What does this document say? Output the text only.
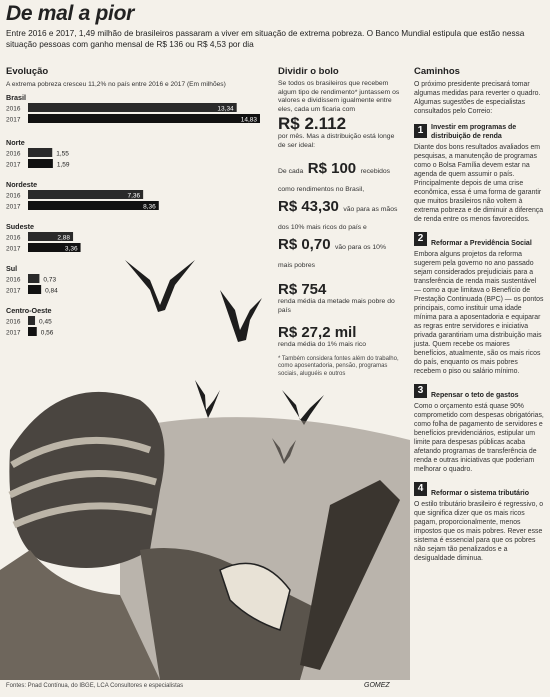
De mal a pior
Entre 2016 e 2017, 1,49 milhão de brasileiros passaram a viver em situação de extrema pobreza. O Banco Mundial estipula que estão nessa situação pessoas com ganho mensal de R$ 136 ou R$ 4,53 por dia
Evolução
A extrema pobreza cresceu 11,2% no país entre 2016 e 2017 (Em milhões)
Brasil
2016	13,34
2017	14,83
Norte
2016	1,55
2017	1,59
Nordeste
2016	7,36
2017	8,36
Sudeste
2016	2,88
2017	3,36
Sul
2016	0,73
2017	0,84
Centro-Oeste
2016	0,45
2017	0,56
Dividir o bolo
Se todos os brasileiros que recebem algum tipo de rendimento* juntassem os valores e dividissem igualmente entre eles, cada um ficaria com
R$ 2.112
por mês. Mas a distribuição está longe de ser ideal:
De cada R$ 100 recebidos como rendimentos no Brasil,
R$ 43,30 vão para as mãos dos 10% mais ricos do país e
R$ 0,70 vão para os 10% mais pobres
R$ 754
renda média da metade mais pobre do país
R$ 27,2 mil
renda média do 1% mais rico
* Também considera fontes além do trabalho, como aposentadoria, pensão, programas sociais, aluguéis e outros
Caminhos
O próximo presidente precisará tomar algumas medidas para reverter o quadro. Algumas sugestões de especialistas consultados pelo Correio:
1 Investir em programas de distribuição de renda
Diante dos bons resultados avaliados em pesquisas, a manutenção de programas como o Bolsa Família devem estar na agenda de quem assumir o país. Principalmente depois de uma crise econômica, essa é uma forma de garantir que muitos brasileiros não voltem à extrema pobreza e de diminuir a diferença de renda entre os menos favorecidos.
2 Reformar a Previdência Social
Embora alguns projetos da reforma sugerem pela governo no ano passado sejam considerados prejudiciais para a transferência de renda mais sustentável — como a que limitava o Benefício de Prestação Continuada (BPC) — os pontos principais, como instituir uma idade mínima para a aposentadoria e equiparar as regras entre servidores e iniciativa privada garantiriam uma distribuição mais justa. Quem recebe os maiores benefícios, atualmente, são os mais ricos do país, enquanto os mais pobres recebem o piso ou salário mínimo.
3 Repensar o teto de gastos
Como o orçamento está quase 90% comprometido com despesas obrigatórias, como folha de pagamento de servidores e benefícios previdenciários, estipular um limite para despesas públicas acaba afetando programas de transferência de renda e outras iniciativas que poderiam melhorar o quadro.
4 Reformar o sistema tributário
O estilo tributário brasileiro é regressivo, o que significa dizer que os mais ricos pagam, proporcionalmente, menos impostos que os mais pobres. Rever esse sistema é essencial para que os pobres não sejam tão penalizados e a desigualdade diminua.
GOMEZ
Fontes: Pnad Contínua, do IBGE, LCA Consultores e especialistas
